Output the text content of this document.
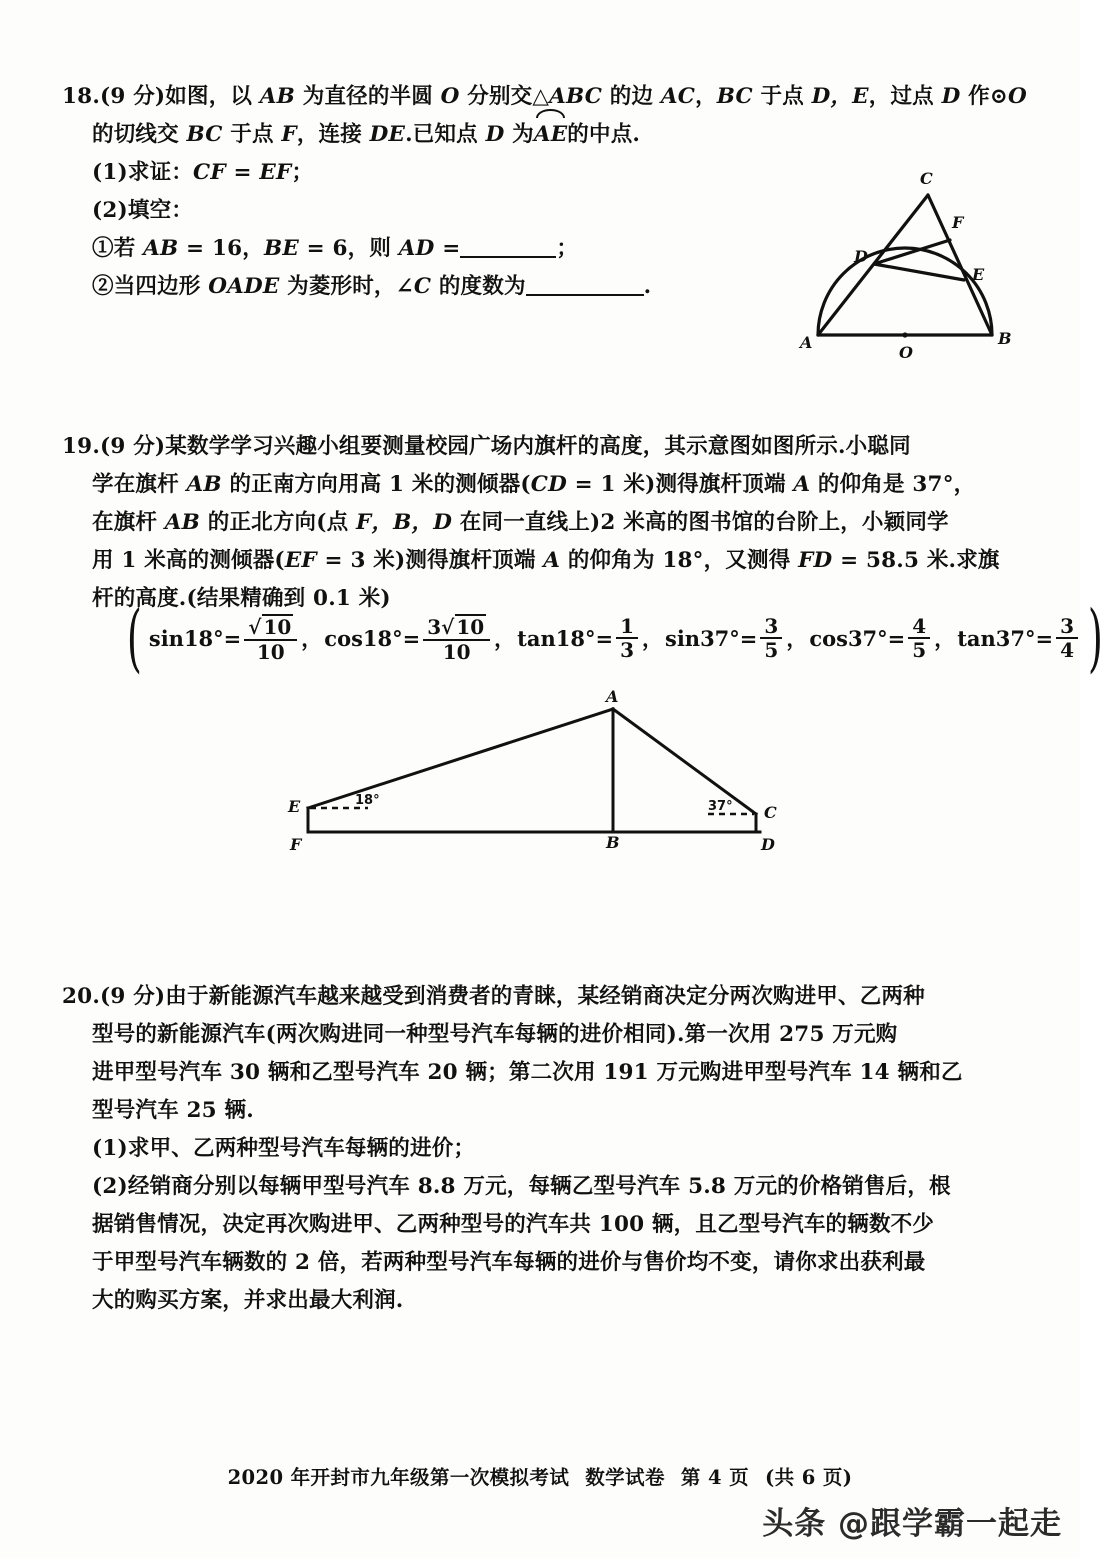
18.(9 分)如图，以 AB 为直径的半圆 O 分别交△ABC 的边 AC，BC 于点 D，E，过点 D 作⊙O
的切线交 BC 于点 F，连接 DE.已知点 D 为AE的中点.
(1)求证：CF = EF；
(2)填空：
①若 AB = 16，BE = 6，则 AD =	；
②当四边形 OADE 为菱形时，∠C 的度数为	.
C
F
D
E
A	B
O
19.(9 分)某数学学习兴趣小组要测量校园广场内旗杆的高度，其示意图如图所示.小聪同
学在旗杆 AB 的正南方向用高 1 米的测倾器(CD = 1 米)测得旗杆顶端 A 的仰角是 37°，
在旗杆 AB 的正北方向(点 F，B，D 在同一直线上)2 米高的图书馆的台阶上，小颖同学
用 1 米高的测倾器(EF = 3 米)测得旗杆顶端 A 的仰角为 18°，又测得 FD = 58.5 米.求旗
杆的高度.(结果精确到 0.1 米)
( $\sin 18^\circ= \frac{√ 10}{10}$ ， $\cos 18^\circ= \frac{3√ 10}{10}$ ， $\tan 18^\circ= \frac{1}{3}$ ， $\sin 37^\circ= \frac{3}{5}$ ， $\cos 37^\circ= \frac{4}{5}$ ， $\tan 37^\circ= \frac{3}{4}$ )
A
B
C
D
E
F
18°	37°
20.(9 分)由于新能源汽车越来越受到消费者的青睐，某经销商决定分两次购进甲、乙两种
型号的新能源汽车(两次购进同一种型号汽车每辆的进价相同).第一次用 275 万元购
进甲型号汽车 30 辆和乙型号汽车 20 辆；第二次用 191 万元购进甲型号汽车 14 辆和乙
型号汽车 25 辆.
(1)求甲、乙两种型号汽车每辆的进价；
(2)经销商分别以每辆甲型号汽车 8.8 万元，每辆乙型号汽车 5.8 万元的价格销售后，根
据销售情况，决定再次购进甲、乙两种型号的汽车共 100 辆，且乙型号汽车的辆数不少
于甲型号汽车辆数的 2 倍，若两种型号汽车每辆的进价与售价均不变，请你求出获利最
大的购买方案，并求出最大利润.
2020 年开封市九年级第一次模拟考试 数学试卷 第 4 页 (共 6 页)
头条 @跟学霸一起走
